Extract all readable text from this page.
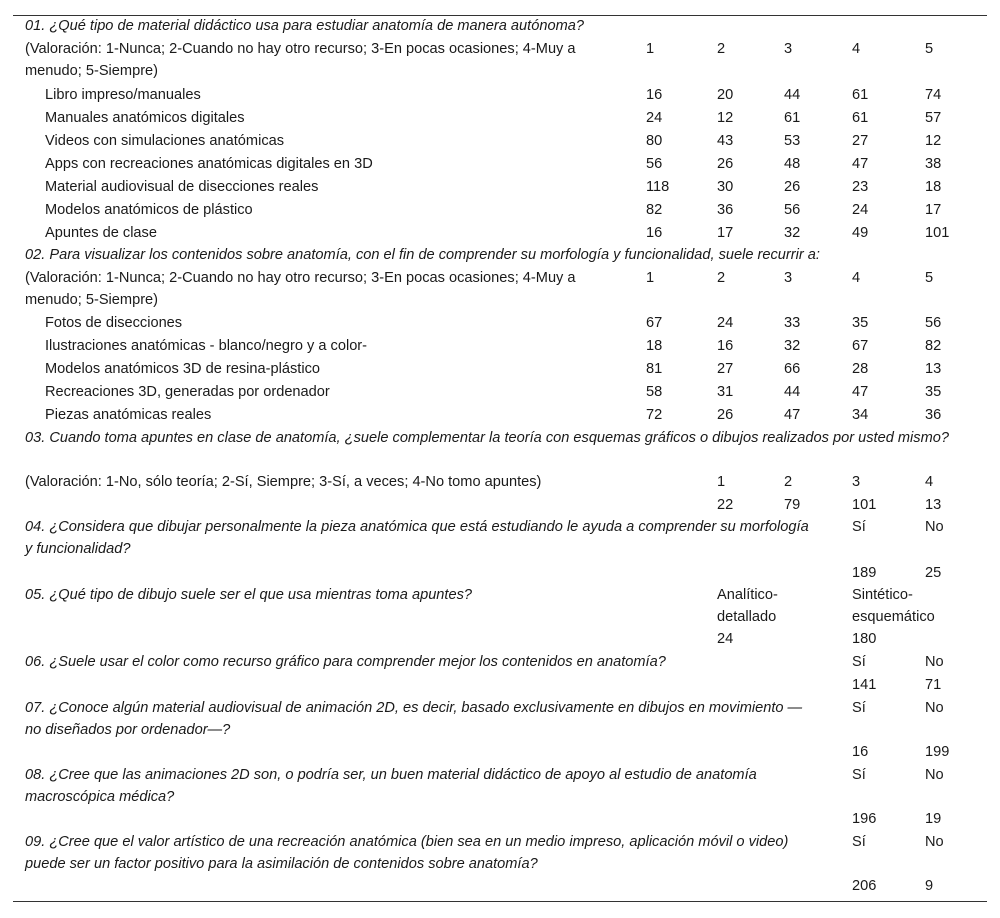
01. ¿Qué tipo de material didáctico usa para estudiar anatomía de manera autónoma?
(Valoración: 1-Nunca; 2-Cuando no hay otro recurso; 3-En pocas ocasiones; 4-Muy a menudo; 5-Siempre)
1	2	3	4	5
Libro impreso/manuales	16	20	44	61	74
Manuales anatómicos digitales	24	12	61	61	57
Videos con simulaciones anatómicas	80	43	53	27	12
Apps con recreaciones anatómicas digitales en 3D	56	26	48	47	38
Material audiovisual de disecciones reales	118	30	26	23	18
Modelos anatómicos de plástico	82	36	56	24	17
Apuntes de clase	16	17	32	49	101
02. Para visualizar los contenidos sobre anatomía, con el fin de comprender su morfología y funcionalidad, suele recurrir a:
(Valoración: 1-Nunca; 2-Cuando no hay otro recurso; 3-En pocas ocasiones; 4-Muy a menudo; 5-Siempre)
1	2	3	4	5
Fotos de disecciones	67	24	33	35	56
Ilustraciones anatómicas - blanco/negro y a color-	18	16	32	67	82
Modelos anatómicos 3D de resina-plástico	81	27	66	28	13
Recreaciones 3D, generadas por ordenador	58	31	44	47	35
Piezas anatómicas reales	72	26	47	34	36
03. Cuando toma apuntes en clase de anatomía, ¿suele complementar la teoría con esquemas gráficos o dibujos realizados por usted mismo?
(Valoración: 1-No, sólo teoría; 2-Sí, Siempre; 3-Sí, a veces; 4-No tomo apuntes)	1	2	3	4
22	79	101	13
04. ¿Considera que dibujar personalmente la pieza anatómica que está estudiando le ayuda a comprender su morfología y funcionalidad?
Sí	No
189	25
05. ¿Qué tipo de dibujo suele ser el que usa mientras toma apuntes?	Analítico-detallado
Sintético-esquemático
24	180
06. ¿Suele usar el color como recurso gráfico para comprender mejor los contenidos en anatomía?	Sí	No
141	71
07. ¿Conoce algún material audiovisual de animación 2D, es decir, basado exclusivamente en dibujos en movimiento —no diseñados por ordenador—?
Sí	No
16	199
08. ¿Cree que las animaciones 2D son, o podría ser, un buen material didáctico de apoyo al estudio de anatomía macroscópica médica?
Sí	No
196	19
09. ¿Cree que el valor artístico de una recreación anatómica (bien sea en un medio impreso, aplicación móvil o video) puede ser un factor positivo para la asimilación de contenidos sobre anatomía?
Sí	No
206	9
